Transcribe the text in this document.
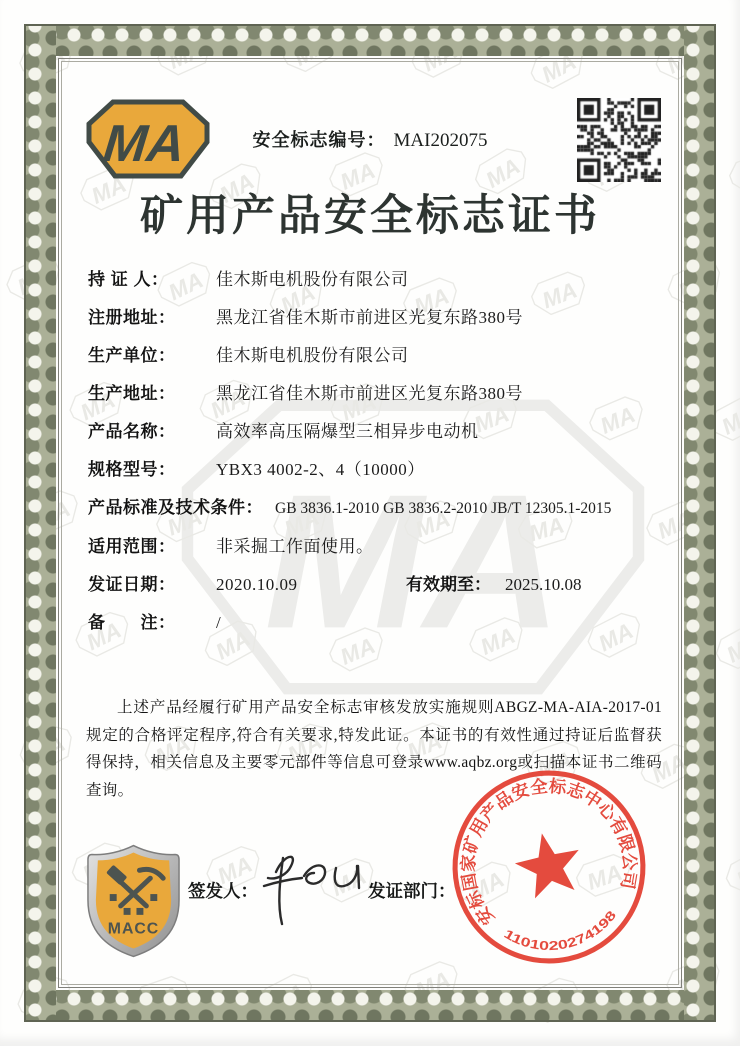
MA	安全标志编号： MAI202075
矿用产品安全标志证书
持 证 人：	佳木斯电机股份有限公司
注册地址：	黑龙江省佳木斯市前进区光复东路380号
生产单位：	佳木斯电机股份有限公司
生产地址：	黑龙江省佳木斯市前进区光复东路380号
产品名称：	高效率高压隔爆型三相异步电动机
规格型号：	YBX3 4002-2、4（10000）
产品标准及技术条件： GB 3836.1-2010 GB 3836.2-2010 JB/T 12305.1-2015
适用范围：	非采掘工作面使用。
发证日期：	2020.10.09	有效期至： 2025.10.08
备　　注：	/
上述产品经履行矿用产品安全标志审核发放实施规则ABGZ-MA-AIA-2017-01规定的合格评定程序,符合有关要求,特发此证。本证书的有效性通过持证后监督获得保持，相关信息及主要零元部件等信息可登录www.aqbz.org或扫描本证书二维码查询。
MACC
签发人：	发证部门：
安标国家矿用产品安全标志中心有限公司
1101020274198
